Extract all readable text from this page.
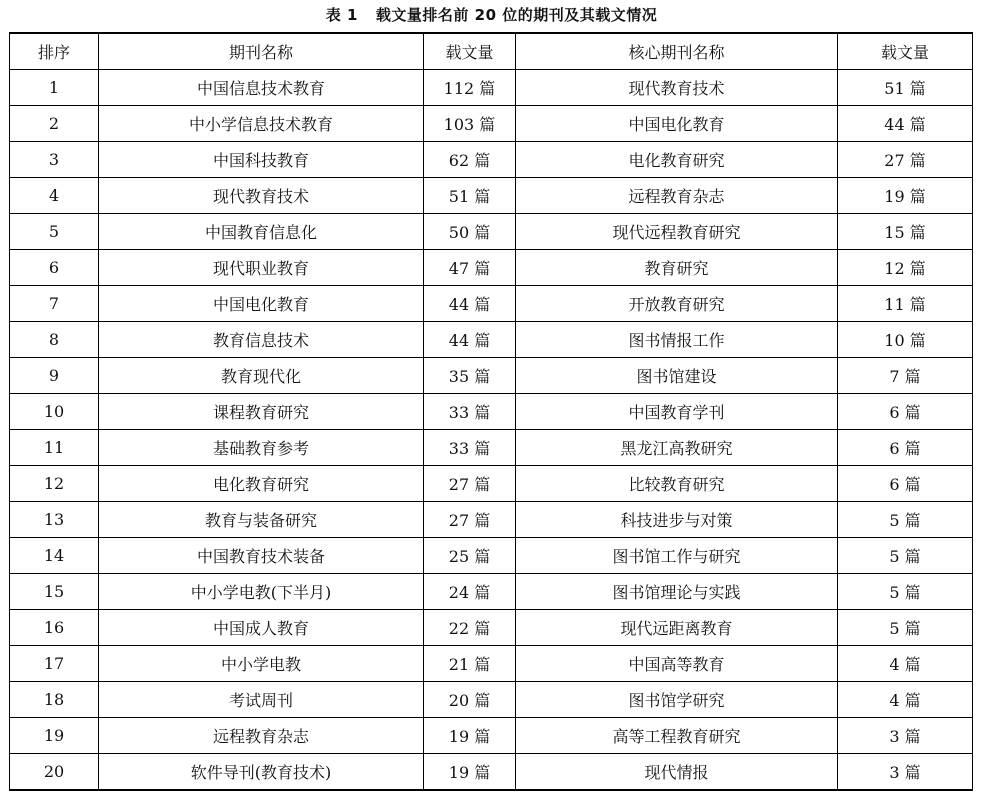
表 1 载文量排名前 20 位的期刊及其载文情况
排序	期刊名称	载文量	核心期刊名称	载文量
1	中国信息技术教育	112 篇	现代教育技术	51 篇
2	中小学信息技术教育	103 篇	中国电化教育	44 篇
3	中国科技教育	62 篇	电化教育研究	27 篇
4	现代教育技术	51 篇	远程教育杂志	19 篇
5	中国教育信息化	50 篇	现代远程教育研究	15 篇
6	现代职业教育	47 篇	教育研究	12 篇
7	中国电化教育	44 篇	开放教育研究	11 篇
8	教育信息技术	44 篇	图书情报工作	10 篇
9	教育现代化	35 篇	图书馆建设	7 篇
10	课程教育研究	33 篇	中国教育学刊	6 篇
11	基础教育参考	33 篇	黑龙江高教研究	6 篇
12	电化教育研究	27 篇	比较教育研究	6 篇
13	教育与装备研究	27 篇	科技进步与对策	5 篇
14	中国教育技术装备	25 篇	图书馆工作与研究	5 篇
15	中小学电教(下半月)	24 篇	图书馆理论与实践	5 篇
16	中国成人教育	22 篇	现代远距离教育	5 篇
17	中小学电教	21 篇	中国高等教育	4 篇
18	考试周刊	20 篇	图书馆学研究	4 篇
19	远程教育杂志	19 篇	高等工程教育研究	3 篇
20	软件导刊(教育技术)	19 篇	现代情报	3 篇
